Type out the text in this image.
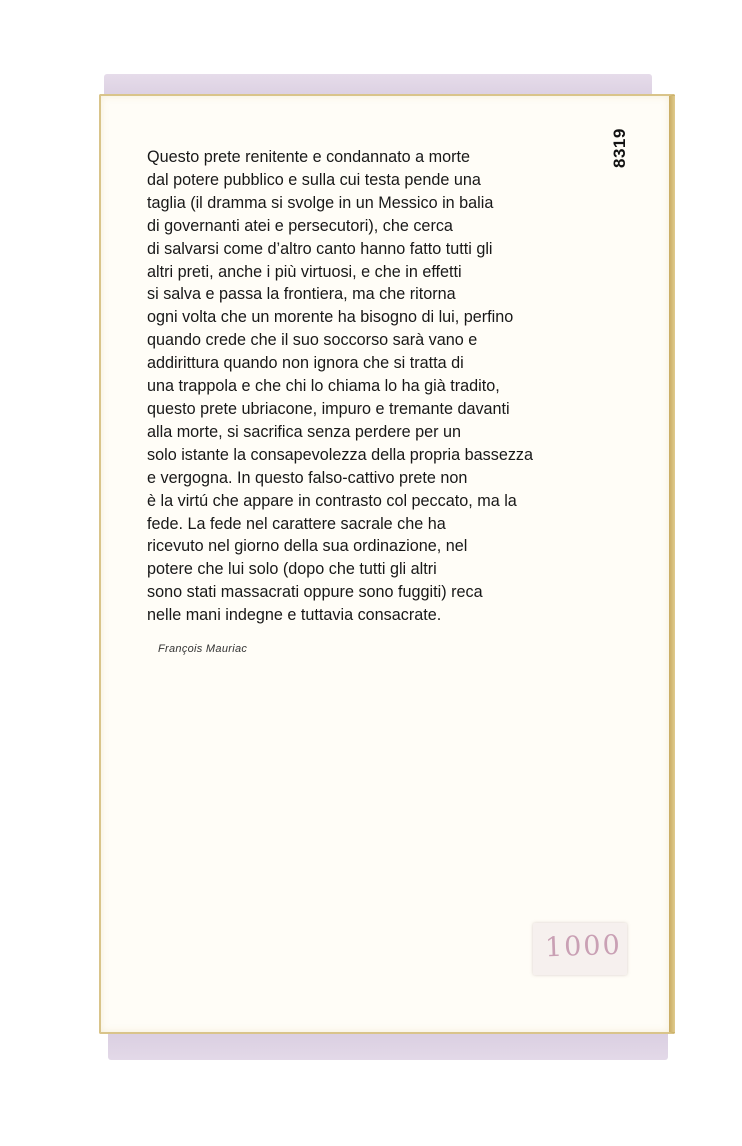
8319

Questo prete renitente e condannato a morte
dal potere pubblico e sulla cui testa pende una
taglia (il dramma si svolge in un Messico in balia
di governanti atei e persecutori), che cerca
di salvarsi come d’altro canto hanno fatto tutti gli
altri preti, anche i più virtuosi, e che in effetti
si salva e passa la frontiera, ma che ritorna
ogni volta che un morente ha bisogno di lui, perfino
quando crede che il suo soccorso sarà vano e
addirittura quando non ignora che si tratta di
una trappola e che chi lo chiama lo ha già tradito,
questo prete ubriacone, impuro e tremante davanti
alla morte, si sacrifica senza perdere per un
solo istante la consapevolezza della propria bassezza
e vergogna. In questo falso-cattivo prete non
è la virtú che appare in contrasto col peccato, ma la
fede. La fede nel carattere sacrale che ha
ricevuto nel giorno della sua ordinazione, nel
potere che lui solo (dopo che tutti gli altri
sono stati massacrati oppure sono fuggiti) reca
nelle mani indegne e tuttavia consacrate.

François Mauriac
1000
